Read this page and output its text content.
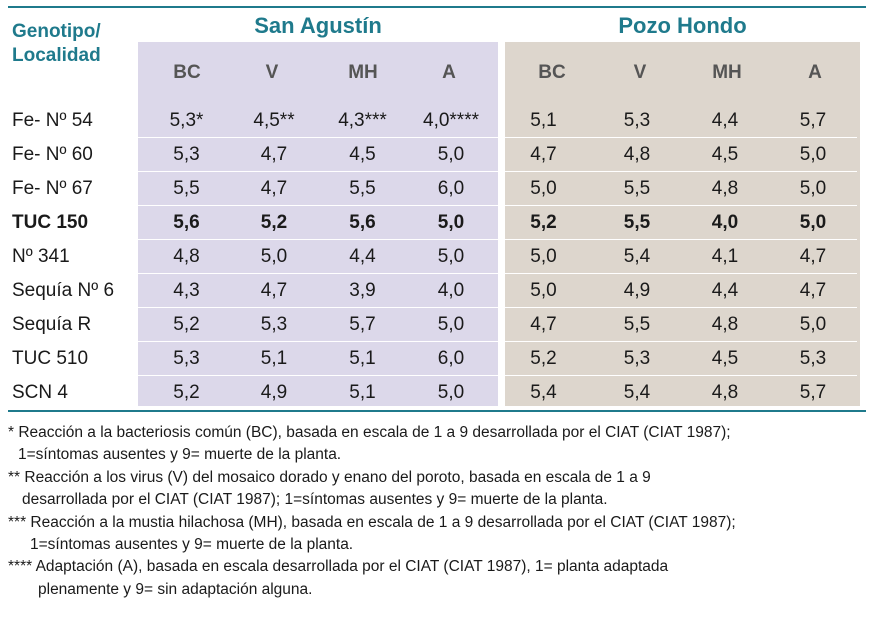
Genotipo/
Localidad
San Agustín	Pozo Hondo
BC	V	MH	A	BC	V	MH	A
Fe- Nº 54	5,3*	4,5**	4,3***	4,0****	5,1	5,3	4,4	5,7
Fe- Nº 60	5,3	4,7	4,5	5,0	4,7	4,8	4,5	5,0
Fe- Nº 67	5,5	4,7	5,5	6,0	5,0	5,5	4,8	5,0
TUC 150	5,6	5,2	5,6	5,0	5,2	5,5	4,0	5,0
Nº 341	4,8	5,0	4,4	5,0	5,0	5,4	4,1	4,7
Sequía Nº 6	4,3	4,7	3,9	4,0	5,0	4,9	4,4	4,7
Sequía R	5,2	5,3	5,7	5,0	4,7	5,5	4,8	5,0
TUC 510	5,3	5,1	5,1	6,0	5,2	5,3	4,5	5,3
SCN 4	5,2	4,9	5,1	5,0	5,4	5,4	4,8	5,7
* Reacción a la bacteriosis común (BC), basada en escala de 1 a 9 desarrollada por el CIAT (CIAT 1987);
1=síntomas ausentes y 9= muerte de la planta.
** Reacción a los virus (V) del mosaico dorado y enano del poroto, basada en escala de 1 a 9
desarrollada por el CIAT (CIAT 1987); 1=síntomas ausentes y 9= muerte de la planta.
*** Reacción a la mustia hilachosa (MH), basada en escala de 1 a 9 desarrollada por el CIAT (CIAT 1987);
1=síntomas ausentes y 9= muerte de la planta.
**** Adaptación (A), basada en escala desarrollada por el CIAT (CIAT 1987), 1= planta adaptada
plenamente y 9= sin adaptación alguna.
